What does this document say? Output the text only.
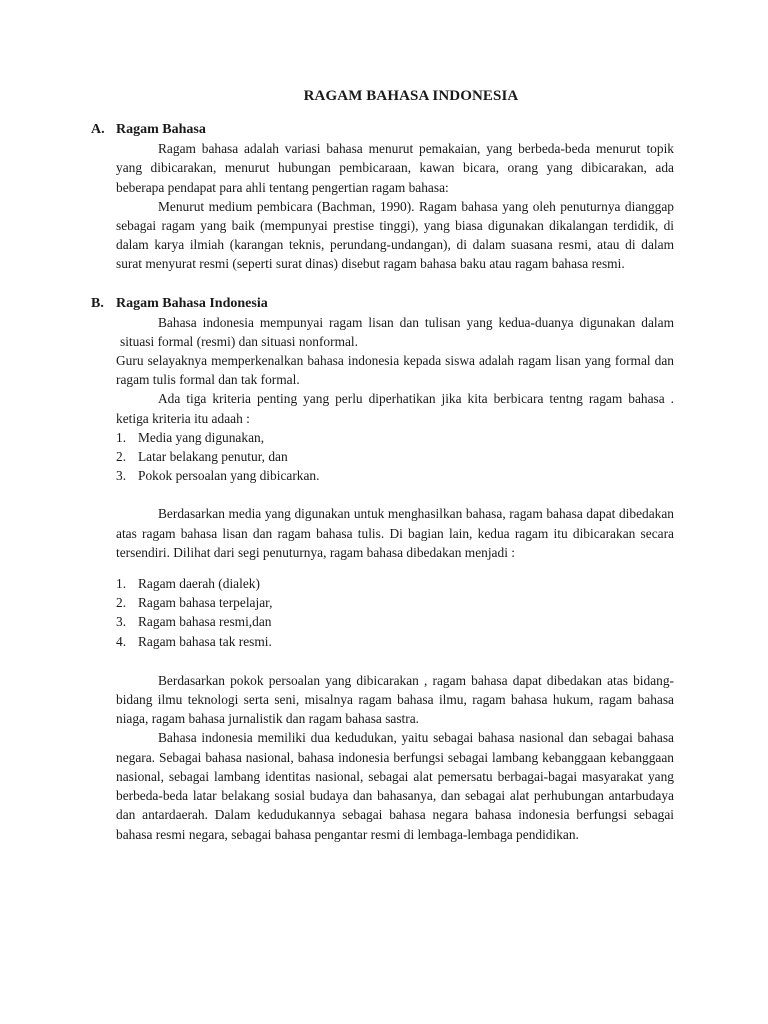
RAGAM BAHASA INDONESIA
A. Ragam Bahasa

Ragam bahasa adalah variasi bahasa menurut pemakaian, yang berbeda-beda menurut topik yang dibicarakan, menurut hubungan pembicaraan, kawan bicara, orang yang dibicarakan, ada beberapa pendapat para ahli tentang pengertian ragam bahasa:

Menurut medium pembicara (Bachman, 1990). Ragam bahasa yang oleh penuturnya dianggap sebagai ragam yang baik (mempunyai prestise tinggi), yang biasa digunakan dikalangan terdidik, di dalam karya ilmiah (karangan teknis, perundang-undangan), di dalam suasana resmi, atau di dalam surat menyurat resmi (seperti surat dinas) disebut ragam bahasa baku atau ragam bahasa resmi.

B. Ragam Bahasa Indonesia

Bahasa indonesia mempunyai ragam lisan dan tulisan yang kedua-duanya digunakan dalam situasi formal (resmi) dan situasi nonformal.

Guru selayaknya memperkenalkan bahasa indonesia kepada siswa adalah ragam lisan yang formal dan ragam tulis formal dan tak formal.

Ada tiga kriteria penting yang perlu diperhatikan jika kita berbicara tentng ragam bahasa . ketiga kriteria itu adaah :

1. Media yang digunakan,
2. Latar belakang penutur, dan
3. Pokok persoalan yang dibicarkan.

Berdasarkan media yang digunakan untuk menghasilkan bahasa, ragam bahasa dapat dibedakan atas ragam bahasa lisan dan ragam bahasa tulis. Di bagian lain, kedua ragam itu dibicarakan secara tersendiri. Dilihat dari segi penuturnya, ragam bahasa dibedakan menjadi :

1. Ragam daerah (dialek)
2. Ragam bahasa terpelajar,
3. Ragam bahasa resmi,dan
4. Ragam bahasa tak resmi.

Berdasarkan pokok persoalan yang dibicarakan , ragam bahasa dapat dibedakan atas bidang-bidang ilmu teknologi serta seni, misalnya ragam bahasa ilmu, ragam bahasa hukum, ragam bahasa niaga, ragam bahasa jurnalistik dan ragam bahasa sastra.

Bahasa indonesia memiliki dua kedudukan, yaitu sebagai bahasa nasional dan sebagai bahasa negara. Sebagai bahasa nasional, bahasa indonesia berfungsi sebagai lambang kebanggaan kebanggaan nasional, sebagai lambang identitas nasional, sebagai alat pemersatu berbagai-bagai masyarakat yang berbeda-beda latar belakang sosial budaya dan bahasanya, dan sebagai alat perhubungan antarbudaya dan antardaerah. Dalam kedudukannya sebagai bahasa negara bahasa indonesia berfungsi sebagai bahasa resmi negara, sebagai bahasa pengantar resmi di lembaga-lembaga pendidikan.
